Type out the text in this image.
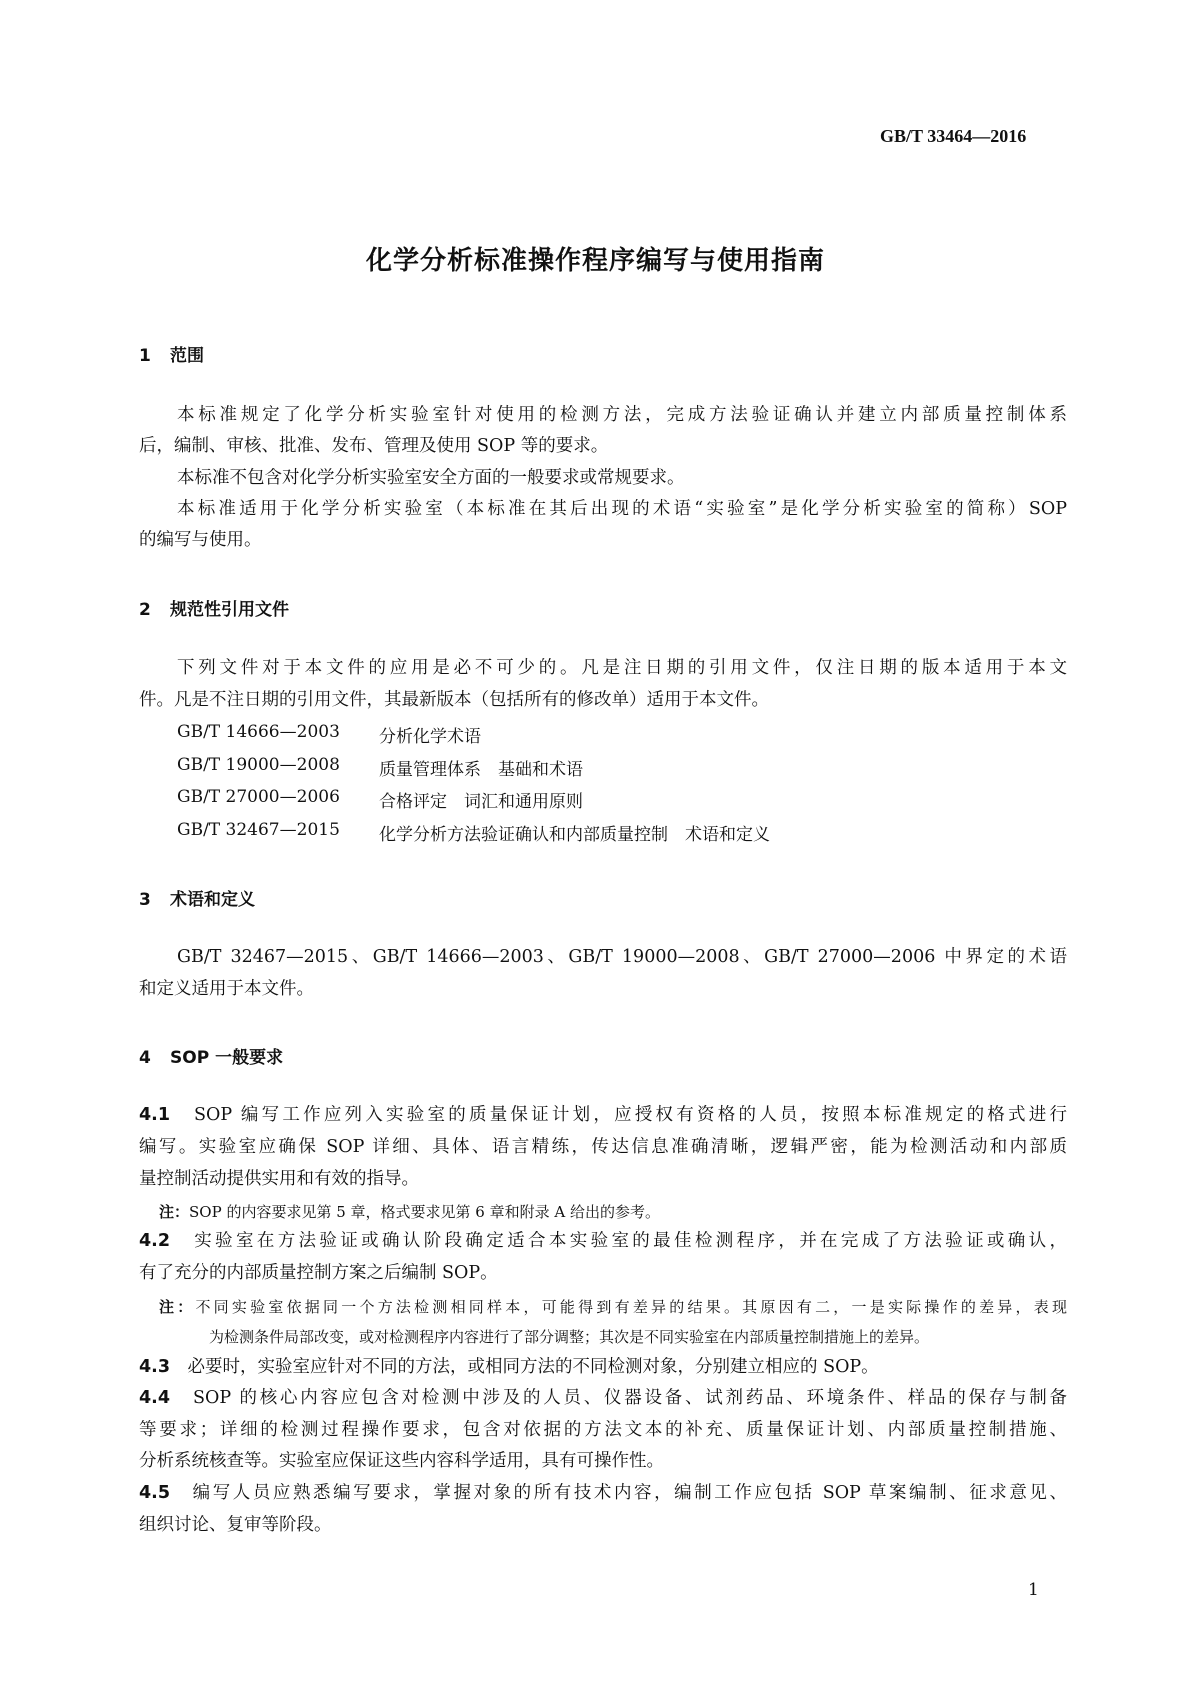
GB/T 33464—2016
化学分析标准操作程序编写与使用指南
1 范围
本标准规定了化学分析实验室针对使用的检测方法，完成方法验证确认并建立内部质量控制体系
后，编制、审核、批准、发布、管理及使用 SOP 等的要求。
本标准不包含对化学分析实验室安全方面的一般要求或常规要求。
本标准适用于化学分析实验室（本标准在其后出现的术语“实验室”是化学分析实验室的简称）SOP
的编写与使用。
2 规范性引用文件
下列文件对于本文件的应用是必不可少的。凡是注日期的引用文件，仅注日期的版本适用于本文
件。凡是不注日期的引用文件，其最新版本（包括所有的修改单）适用于本文件。
GB/T 14666—2003 分析化学术语
GB/T 19000—2008 质量管理体系　基础和术语
GB/T 27000—2006 合格评定　词汇和通用原则
GB/T 32467—2015 化学分析方法验证确认和内部质量控制　术语和定义
3 术语和定义
GB/T 32467—2015、GB/T 14666—2003、GB/T 19000—2008、GB/T 27000—2006 中界定的术语
和定义适用于本文件。
4 SOP 一般要求
4.1　 SOP 编写工作应列入实验室的质量保证计划，应授权有资格的人员，按照本标准规定的格式进行
编写。实验室应确保 SOP 详细、具体、语言精练，传达信息准确清晰，逻辑严密，能为检测活动和内部质
量控制活动提供实用和有效的指导。
注：SOP 的内容要求见第 5 章，格式要求见第 6 章和附录 A 给出的参考。
4.2　 实验室在方法验证或确认阶段确定适合本实验室的最佳检测程序，并在完成了方法验证或确认，
有了充分的内部质量控制方案之后编制 SOP。
注：不同实验室依据同一个方法检测相同样本，可能得到有差异的结果。其原因有二，一是实际操作的差异，表现
为检测条件局部改变，或对检测程序内容进行了部分调整；其次是不同实验室在内部质量控制措施上的差异。
4.3　 必要时，实验室应针对不同的方法，或相同方法的不同检测对象，分别建立相应的 SOP。
4.4　 SOP 的核心内容应包含对检测中涉及的人员、仪器设备、试剂药品、环境条件、样品的保存与制备
等要求；详细的检测过程操作要求，包含对依据的方法文本的补充、质量保证计划、内部质量控制措施、
分析系统核查等。实验室应保证这些内容科学适用，具有可操作性。
4.5　 编写人员应熟悉编写要求，掌握对象的所有技术内容，编制工作应包括 SOP 草案编制、征求意见、
组织讨论、复审等阶段。
1
